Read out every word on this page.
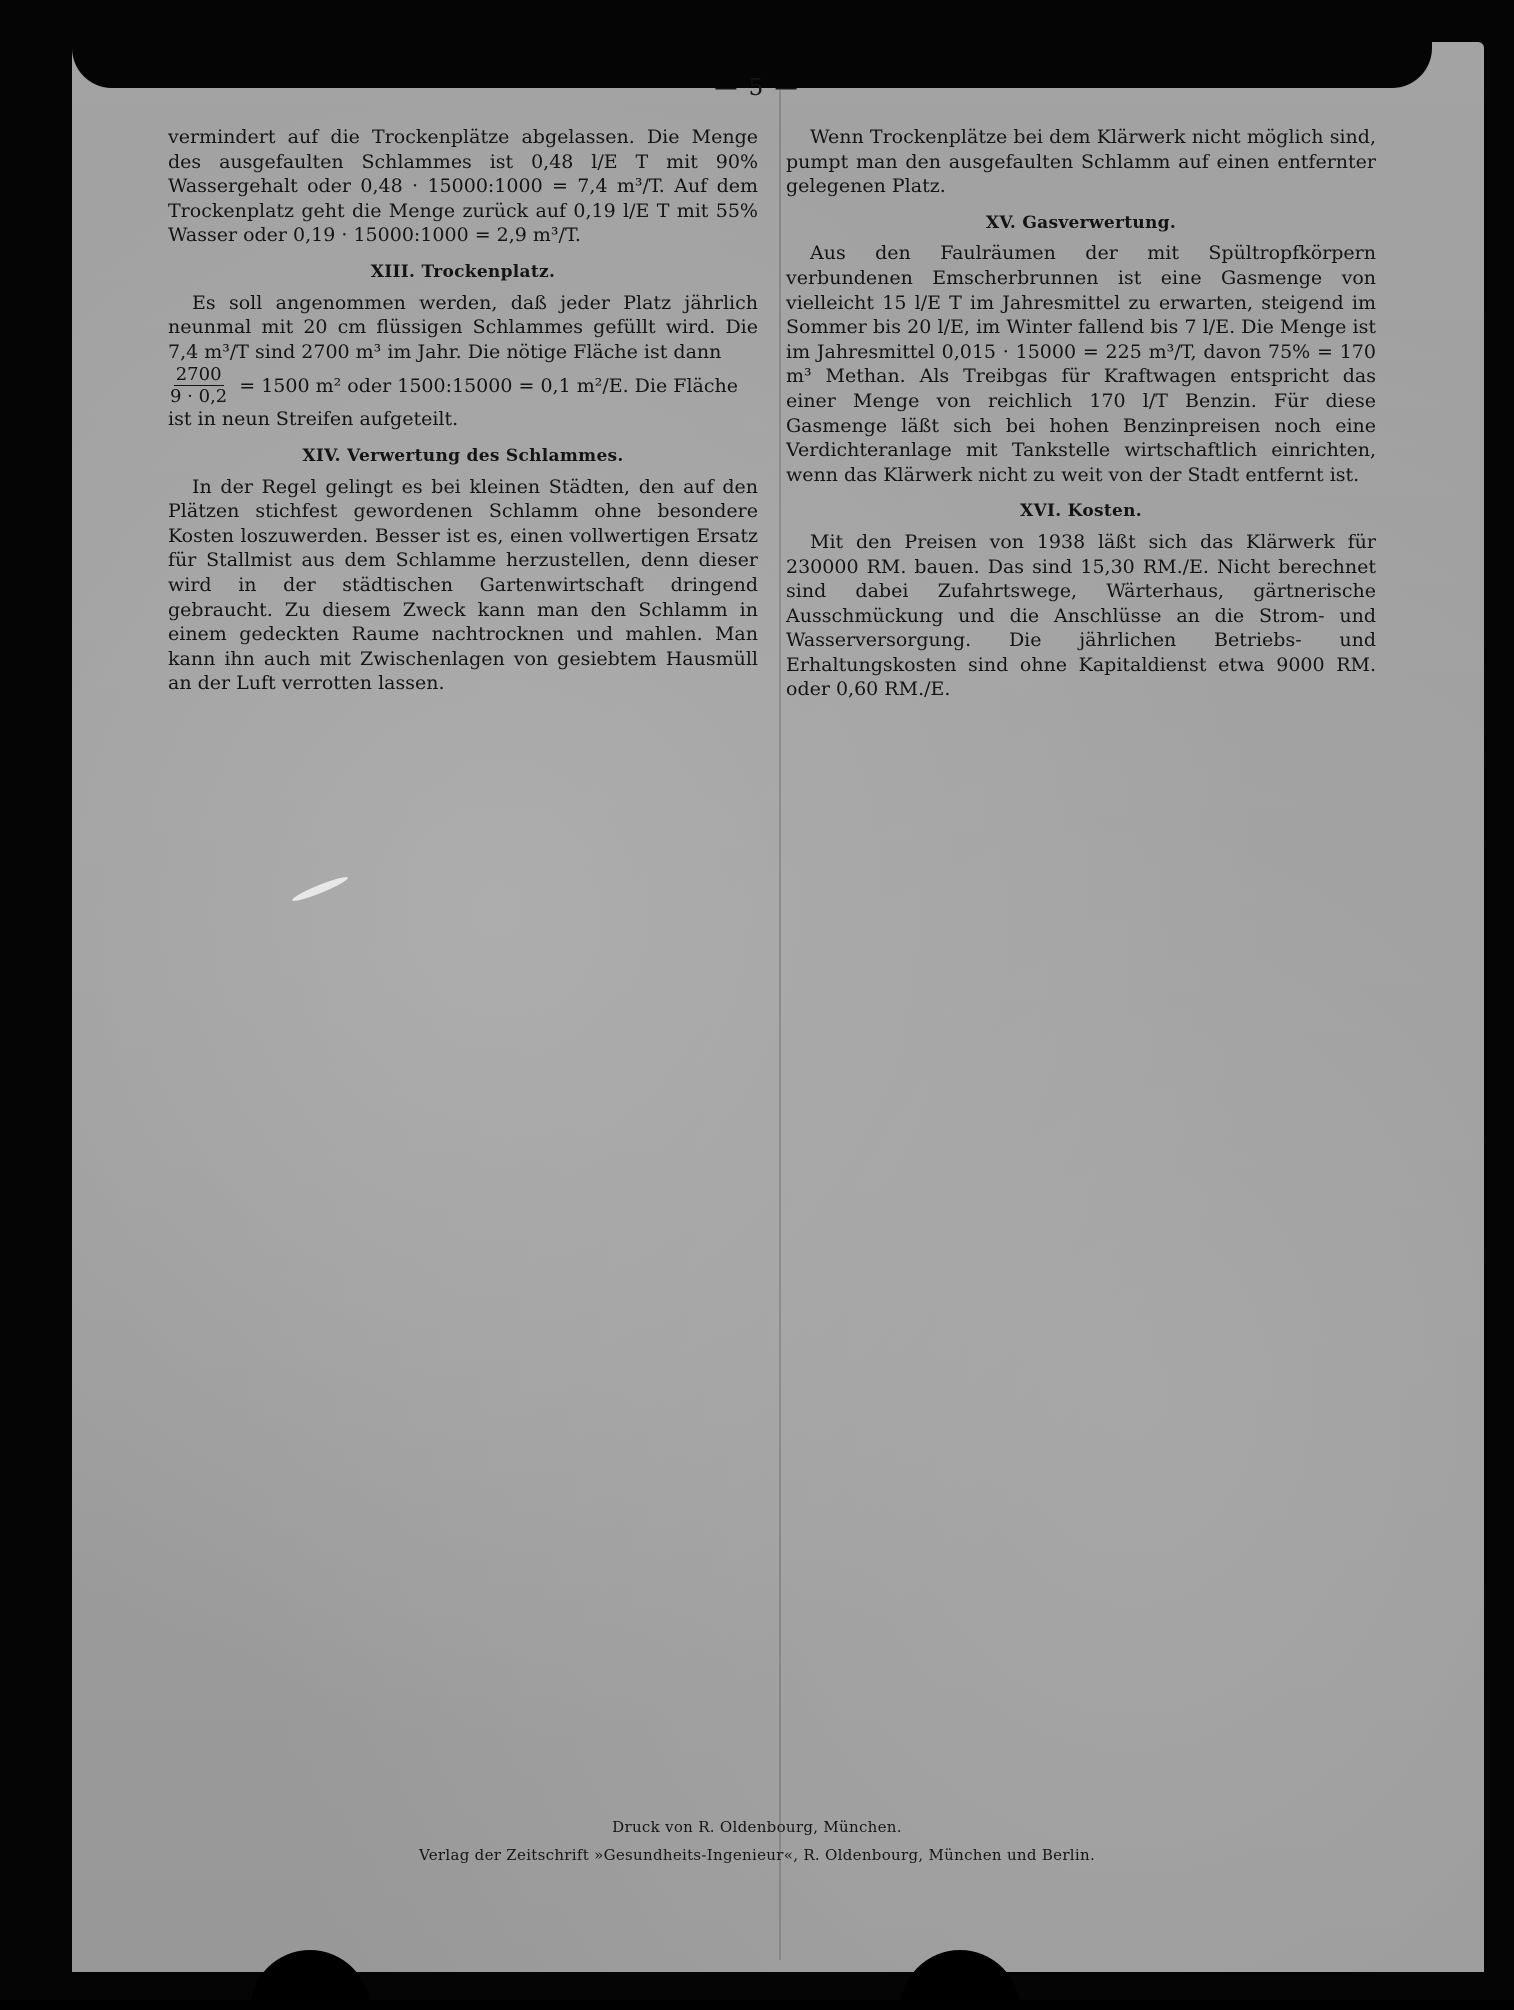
— 5 —

vermindert auf die Trockenplätze abgelassen. Die Menge des ausgefaulten Schlammes ist 0,48 l/E T mit 90% Wassergehalt oder 0,48 · 15000:1000 = 7,4 m³/T. Auf dem Trockenplatz geht die Menge zurück auf 0,19 l/E T mit 55% Wasser oder 0,19 · 15000:1000 = 2,9 m³/T.

XIII. Trockenplatz.

Es soll angenommen werden, daß jeder Platz jährlich neunmal mit 20 cm flüssigen Schlammes gefüllt wird. Die 7,4 m³/T sind 2700 m³ im Jahr. Die nötige Fläche ist dann

$\frac{2700}{9 \cdot 0,2} = 1500$ m² oder 1500:15000 = 0,1 m²/E. Die Fläche

ist in neun Streifen aufgeteilt.

XIV. Verwertung des Schlammes.

In der Regel gelingt es bei kleinen Städten, den auf den Plätzen stichfest gewordenen Schlamm ohne besondere Kosten loszuwerden. Besser ist es, einen vollwertigen Ersatz für Stallmist aus dem Schlamme herzustellen, denn dieser wird in der städtischen Gartenwirtschaft dringend gebraucht. Zu diesem Zweck kann man den Schlamm in einem gedeckten Raume nachtrocknen und mahlen. Man kann ihn auch mit Zwischenlagen von gesiebtem Hausmüll an der Luft verrotten lassen.

Wenn Trockenplätze bei dem Klärwerk nicht möglich sind, pumpt man den ausgefaulten Schlamm auf einen entfernter gelegenen Platz.

XV. Gasverwertung.

Aus den Faulräumen der mit Spültropfkörpern verbundenen Emscherbrunnen ist eine Gasmenge von vielleicht 15 l/E T im Jahresmittel zu erwarten, steigend im Sommer bis 20 l/E, im Winter fallend bis 7 l/E. Die Menge ist im Jahresmittel 0,015 · 15000 = 225 m³/T, davon 75% = 170 m³ Methan. Als Treibgas für Kraftwagen entspricht das einer Menge von reichlich 170 l/T Benzin. Für diese Gasmenge läßt sich bei hohen Benzinpreisen noch eine Verdichteranlage mit Tankstelle wirtschaftlich einrichten, wenn das Klärwerk nicht zu weit von der Stadt entfernt ist.

XVI. Kosten.

Mit den Preisen von 1938 läßt sich das Klärwerk für 230000 RM. bauen. Das sind 15,30 RM./E. Nicht berechnet sind dabei Zufahrtswege, Wärterhaus, gärtnerische Ausschmückung und die Anschlüsse an die Strom- und Wasserversorgung. Die jährlichen Betriebs- und Erhaltungskosten sind ohne Kapitaldienst etwa 9000 RM. oder 0,60 RM./E.

Druck von R. Oldenbourg, München.
Verlag der Zeitschrift »Gesundheits-Ingenieur«, R. Oldenbourg, München und Berlin.
